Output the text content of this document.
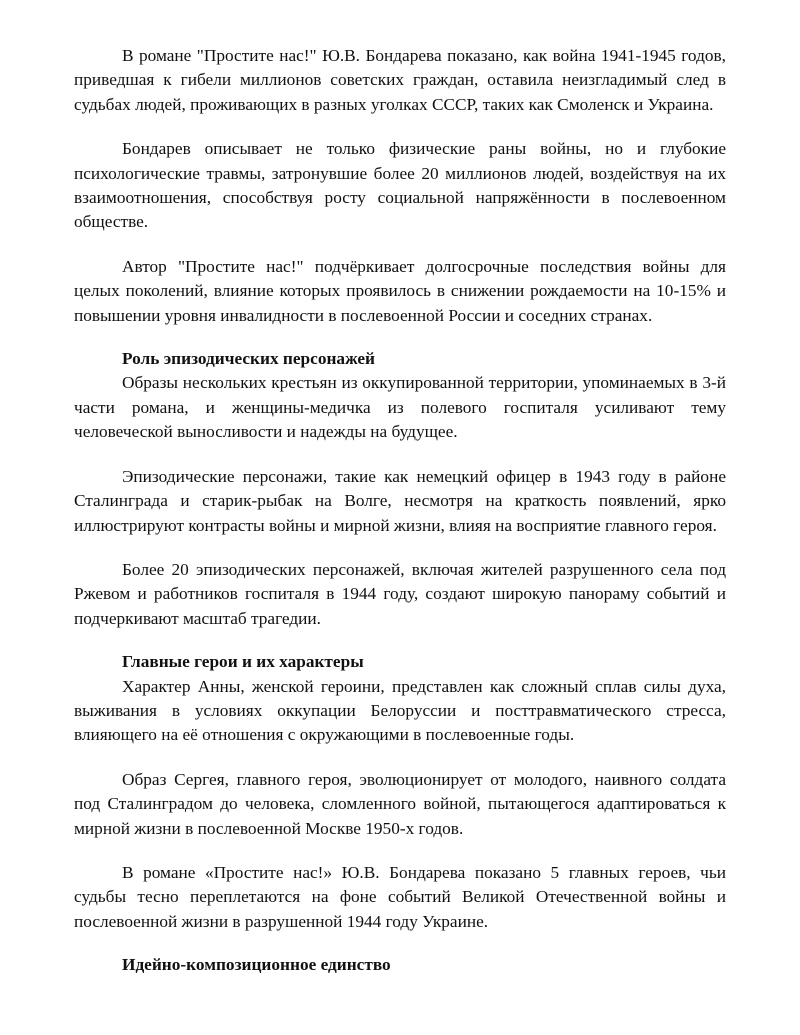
В романе "Простите нас!" Ю.В. Бондарева показано, как война 1941-1945 годов, приведшая к гибели миллионов советских граждан, оставила неизгладимый след в судьбах людей, проживающих в разных уголках СССР, таких как Смоленск и Украина.

Бондарев описывает не только физические раны войны, но и глубокие психологические травмы, затронувшие более 20 миллионов людей, воздействуя на их взаимоотношения, способствуя росту социальной напряжённости в послевоенном обществе.

Автор "Простите нас!" подчёркивает долгосрочные последствия войны для целых поколений, влияние которых проявилось в снижении рождаемости на 10-15% и повышении уровня инвалидности в послевоенной России и соседних странах.

Роль эпизодических персонажей

Образы нескольких крестьян из оккупированной территории, упоминаемых в 3-й части романа, и женщины-медичка из полевого госпиталя усиливают тему человеческой выносливости и надежды на будущее.

Эпизодические персонажи, такие как немецкий офицер в 1943 году в районе Сталинграда и старик-рыбак на Волге, несмотря на краткость появлений, ярко иллюстрируют контрасты войны и мирной жизни, влияя на восприятие главного героя.

Более 20 эпизодических персонажей, включая жителей разрушенного села под Ржевом и работников госпиталя в 1944 году, создают широкую панораму событий и подчеркивают масштаб трагедии.

Главные герои и их характеры

Характер Анны, женской героини, представлен как сложный сплав силы духа, выживания в условиях оккупации Белоруссии и посттравматического стресса, влияющего на её отношения с окружающими в послевоенные годы.

Образ Сергея, главного героя, эволюционирует от молодого, наивного солдата под Сталинградом до человека, сломленного войной, пытающегося адаптироваться к мирной жизни в послевоенной Москве 1950-х годов.

В романе «Простите нас!» Ю.В. Бондарева показано 5 главных героев, чьи судьбы тесно переплетаются на фоне событий Великой Отечественной войны и послевоенной жизни в разрушенной 1944 году Украине.

Идейно-композиционное единство
